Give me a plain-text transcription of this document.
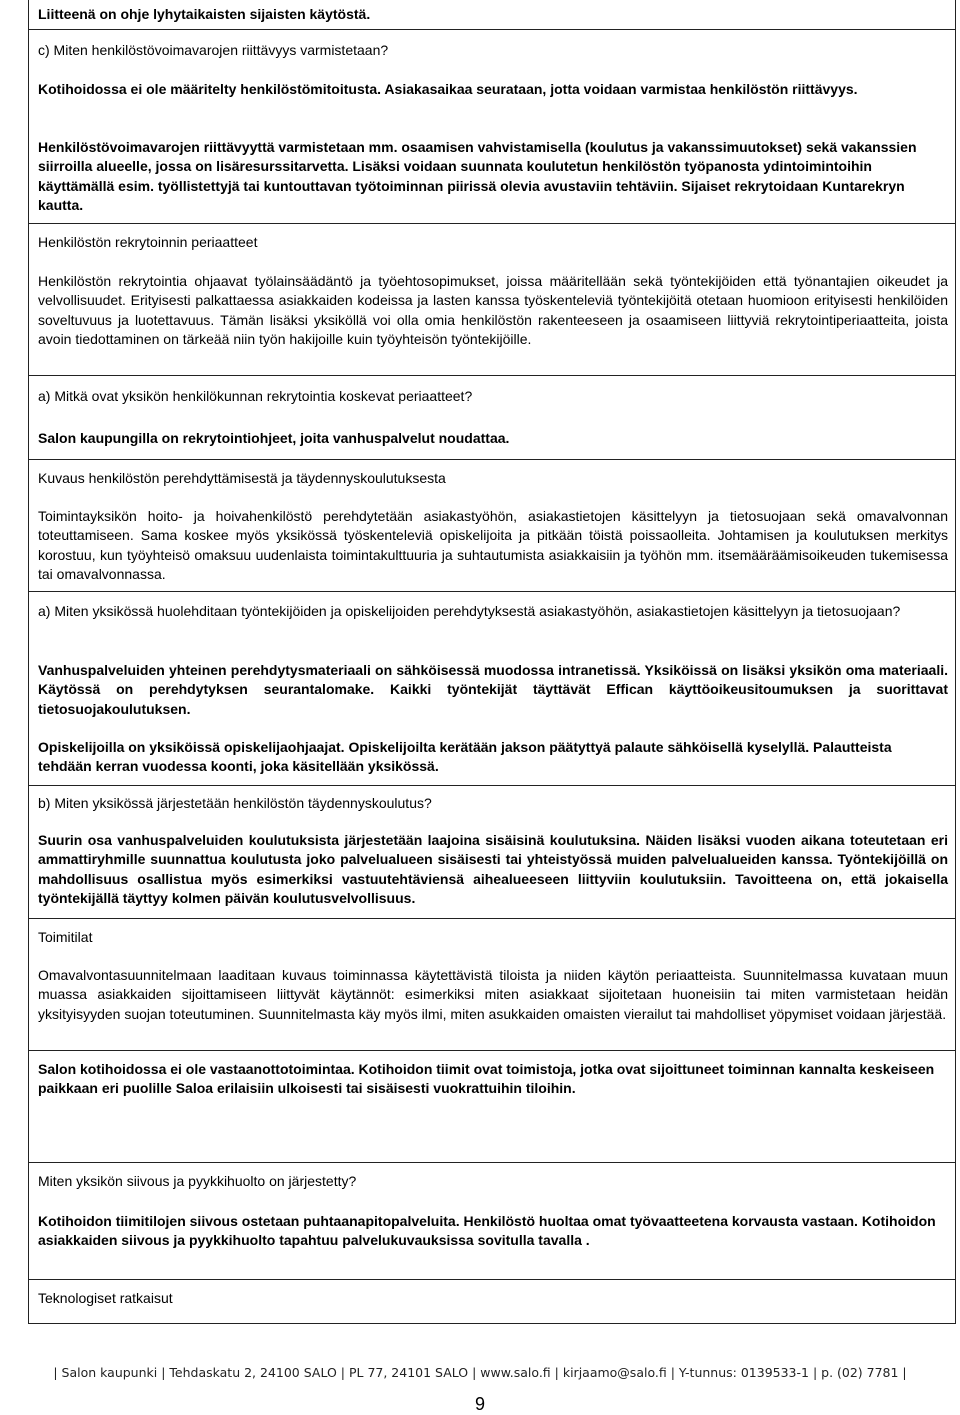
Liitteenä on ohje lyhytaikaisten sijaisten käytöstä.

c) Miten henkilöstövoimavarojen riittävyys varmistetaan?

Kotihoidossa ei ole määritelty henkilöstömitoitusta. Asiakasaikaa seurataan, jotta voidaan varmistaa henkilöstön riittävyys.

Henkilöstövoimavarojen riittävyyttä varmistetaan mm. osaamisen vahvistamisella (koulutus ja vakanssimuutokset) sekä vakanssien siirroilla alueelle, jossa on lisäresurssitarvetta. Lisäksi voidaan suunnata koulutetun henkilöstön työpanosta ydintoimintoihin käyttämällä esim. työllistettyjä tai kuntouttavan työtoiminnan piirissä olevia avustaviin tehtäviin. Sijaiset rekrytoidaan Kuntarekryn kautta.

Henkilöstön rekrytoinnin periaatteet

Henkilöstön rekrytointia ohjaavat työlainsäädäntö ja työehtosopimukset, joissa määritellään sekä työntekijöiden että työnantajien oikeudet ja velvollisuudet. Erityisesti palkattaessa asiakkaiden kodeissa ja lasten kanssa työskenteleviä työntekijöitä otetaan huomioon erityisesti henkilöiden soveltuvuus ja luotettavuus. Tämän lisäksi yksiköllä voi olla omia henkilöstön rakenteeseen ja osaamiseen liittyviä rekrytointiperiaatteita, joista avoin tiedottaminen on tärkeää niin työn hakijoille kuin työyhteisön työntekijöille.

a) Mitkä ovat yksikön henkilökunnan rekrytointia koskevat periaatteet?

Salon kaupungilla on rekrytointiohjeet, joita vanhuspalvelut noudattaa.

Kuvaus henkilöstön perehdyttämisestä ja täydennyskoulutuksesta

Toimintayksikön hoito- ja hoivahenkilöstö perehdytetään asiakastyöhön, asiakastietojen käsittelyyn ja tietosuojaan sekä omavalvonnan toteuttamiseen. Sama koskee myös yksikössä työskenteleviä opiskelijoita ja pitkään töistä poissaolleita. Johtamisen ja koulutuksen merkitys korostuu, kun työyhteisö omaksuu uudenlaista toimintakulttuuria ja suhtautumista asiakkaisiin ja työhön mm. itsemääräämisoikeuden tukemisessa tai omavalvonnassa.

a) Miten yksikössä huolehditaan työntekijöiden ja opiskelijoiden perehdytyksestä asiakastyöhön, asiakastietojen käsittelyyn ja tietosuojaan?

Vanhuspalveluiden yhteinen perehdytysmateriaali on sähköisessä muodossa intranetissä. Yksiköissä on lisäksi yksikön oma materiaali. Käytössä on perehdytyksen seurantalomake. Kaikki työntekijät täyttävät Effican käyttöoikeusitoumuksen ja suorittavat tietosuojakoulutuksen.

Opiskelijoilla on yksiköissä opiskelijaohjaajat. Opiskelijoilta kerätään jakson päätyttyä palaute sähköisellä kyselyllä. Palautteista tehdään kerran vuodessa koonti, joka käsitellään yksikössä.

b) Miten yksikössä järjestetään henkilöstön täydennyskoulutus?

Suurin osa vanhuspalveluiden koulutuksista järjestetään laajoina sisäisinä koulutuksina. Näiden lisäksi vuoden aikana toteutetaan eri ammattiryhmille suunnattua koulutusta joko palvelualueen sisäisesti tai yhteistyössä muiden palvelualueiden kanssa. Työntekijöillä on mahdollisuus osallistua myös esimerkiksi vastuutehtäviensä aihealueeseen liittyviin koulutuksiin. Tavoitteena on, että jokaisella työntekijällä täyttyy kolmen päivän koulutusvelvollisuus.

Toimitilat

Omavalvontasuunnitelmaan laaditaan kuvaus toiminnassa käytettävistä tiloista ja niiden käytön periaatteista. Suunnitelmassa kuvataan muun muassa asiakkaiden sijoittamiseen liittyvät käytännöt: esimerkiksi miten asiakkaat sijoitetaan huoneisiin tai miten varmistetaan heidän yksityisyyden suojan toteutuminen. Suunnitelmasta käy myös ilmi, miten asukkaiden omaisten vierailut tai mahdolliset yöpymiset voidaan järjestää.

Salon kotihoidossa ei ole vastaanottotoimintaa. Kotihoidon tiimit ovat toimistoja, jotka ovat sijoittuneet toiminnan kannalta keskeiseen paikkaan eri puolille Saloa erilaisiin ulkoisesti tai sisäisesti vuokrattuihin tiloihin.

Miten yksikön siivous ja pyykkihuolto on järjestetty?

Kotihoidon tiimitilojen siivous ostetaan puhtaanapitopalveluita. Henkilöstö huoltaa omat työvaatteetena korvausta vastaan. Kotihoidon asiakkaiden siivous ja pyykkihuolto tapahtuu palvelukuvauksissa sovitulla tavalla .

Teknologiset ratkaisut

| Salon kaupunki | Tehdaskatu 2, 24100 SALO | PL 77, 24101 SALO | www.salo.fi | kirjaamo@salo.fi | Y-tunnus: 0139533-1 | p. (02) 7781 |
9
